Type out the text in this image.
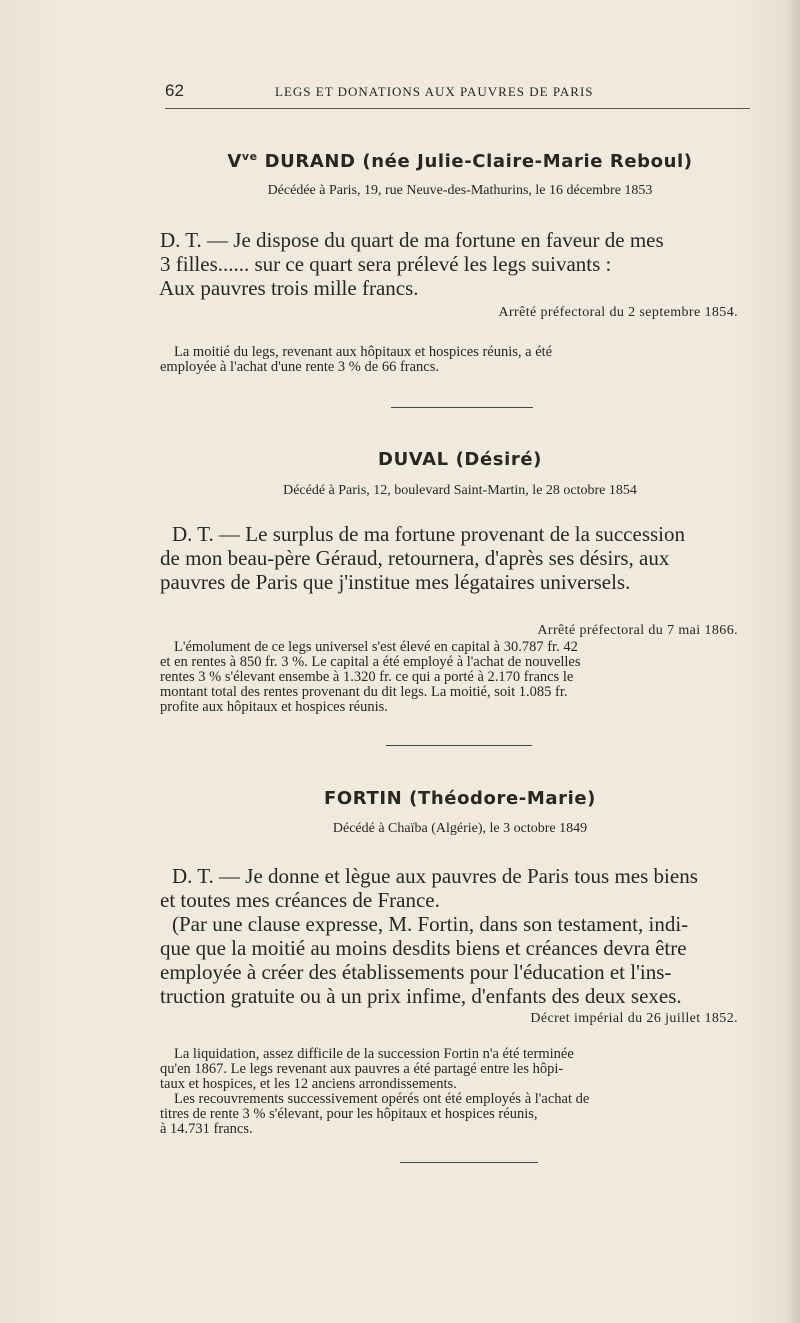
62	LEGS ET DONATIONS AUX PAUVRES DE PARIS
$V^{ve}$ DURAND (née Julie-Claire-Marie Reboul)
Décédée à Paris, 19, rue Neuve-des-Mathurins, le 16 décembre 1853
D. T. — Je dispose du quart de ma fortune en faveur de mes
3 filles...... sur ce quart sera prélevé les legs suivants :
Aux pauvres trois mille francs.
Arrêté préfectoral du 2 septembre 1854.
La moitié du legs, revenant aux hôpitaux et hospices réunis, a été
employée à l'achat d'une rente 3 % de 66 francs.
DUVAL (Désiré)
Décédé à Paris, 12, boulevard Saint-Martin, le 28 octobre 1854
D. T. — Le surplus de ma fortune provenant de la succession
de mon beau-père Géraud, retournera, d'après ses désirs, aux
pauvres de Paris que j'institue mes légataires universels.
Arrêté préfectoral du 7 mai 1866.
L'émolument de ce legs universel s'est élevé en capital à 30.787 fr. 42
et en rentes à 850 fr. 3 %. Le capital a été employé à l'achat de nouvelles
rentes 3 % s'élevant ensembe à 1.320 fr. ce qui a porté à 2.170 francs le
montant total des rentes provenant du dit legs. La moitié, soit 1.085 fr.
profite aux hôpitaux et hospices réunis.
FORTIN (Théodore-Marie)
Décédé à Chaïba (Algérie), le 3 octobre 1849
D. T. — Je donne et lègue aux pauvres de Paris tous mes biens
et toutes mes créances de France.
(Par une clause expresse, M. Fortin, dans son testament, indi-
que que la moitié au moins desdits biens et créances devra être
employée à créer des établissements pour l'éducation et l'ins-
truction gratuite ou à un prix infime, d'enfants des deux sexes.
Décret impérial du 26 juillet 1852.
La liquidation, assez difficile de la succession Fortin n'a été terminée
qu'en 1867. Le legs revenant aux pauvres a été partagé entre les hôpi-
taux et hospices, et les 12 anciens arrondissements.
Les recouvrements successivement opérés ont été employés à l'achat de
titres de rente 3 % s'élevant, pour les hôpitaux et hospices réunis,
à 14.731 francs.
